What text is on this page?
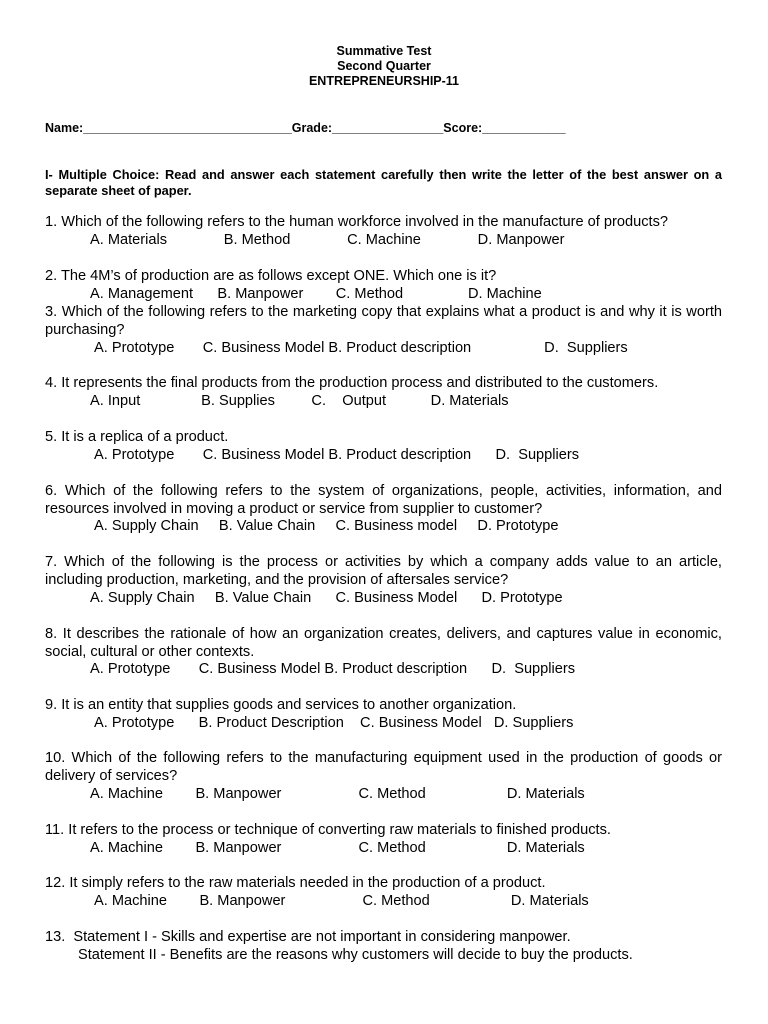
Summative Test
Second Quarter
ENTREPRENEURSHIP-11
Name:______________________________Grade:________________Score:____________
I- Multiple Choice: Read and answer each statement carefully then write the letter of the best answer on a separate sheet of paper.
1. Which of the following refers to the human workforce involved in the manufacture of products?
A. Materials              B. Method              C. Machine              D. Manpower
2. The 4M’s of production are as follows except ONE. Which one is it?
A. Management      B. Manpower        C. Method                D. Machine
3. Which of the following refers to the marketing copy that explains what a product is and why it is worth purchasing?
A. Prototype       C. Business Model B. Product description                  D.  Suppliers
4. It represents the final products from the production process and distributed to the customers.
A. Input               B. Supplies         C.    Output           D. Materials
5. It is a replica of a product.
A. Prototype       C. Business Model B. Product description      D.  Suppliers
6. Which of the following refers to the system of organizations, people, activities, information, and resources involved in moving a product or service from supplier to customer?
A. Supply Chain     B. Value Chain     C. Business model     D. Prototype
7. Which of the following is the process or activities by which a company adds value to an article, including production, marketing, and the provision of aftersales service?
A. Supply Chain     B. Value Chain      C. Business Model      D. Prototype
8. It describes the rationale of how an organization creates, delivers, and captures value in economic, social, cultural or other contexts.
A. Prototype       C. Business Model B. Product description      D.  Suppliers
9. It is an entity that supplies goods and services to another organization.
A. Prototype      B. Product Description    C. Business Model   D. Suppliers
10. Which of the following refers to the manufacturing equipment used in the production of goods or delivery of services?
A. Machine        B. Manpower                   C. Method                    D. Materials
11. It refers to the process or technique of converting raw materials to finished products.
A. Machine        B. Manpower                   C. Method                    D. Materials
12. It simply refers to the raw materials needed in the production of a product.
A. Machine        B. Manpower                   C. Method                    D. Materials
13.  Statement I - Skills and expertise are not important in considering manpower.
Statement II - Benefits are the reasons why customers will decide to buy the products.
